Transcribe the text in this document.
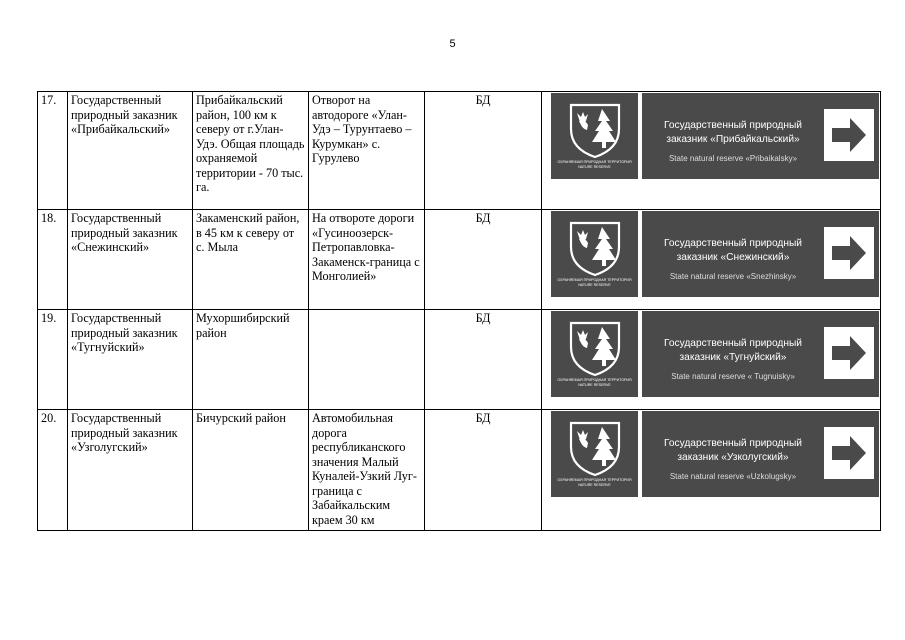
5
17.	Государственный природный заказник «Прибайкальский»	Прибайкальский район, 100 км к северу от г.Улан-Удэ. Общая площадь охраняемой территории - 70 тыс. га.	Отворот на автодороге «Улан-Удэ – Турунтаево – Курумкан» с. Гурулево	БД	ОХРАНЯЕМАЯ ПРИРОДНАЯ ТЕРРИТОРИЯ
NATURE RESERVE
Государственный природный заказник «Прибайкальский»
State natural reserve «Pribaikalsky»

18.	Государственный природный заказник «Снежинский»	Закаменский район, в 45 км к северу от с. Мыла	На отвороте дороги «Гусиноозерск-Петропавловка-Закаменск-граница с Монголией»	БД	ОХРАНЯЕМАЯ ПРИРОДНАЯ ТЕРРИТОРИЯ
NATURE RESERVE
Государственный природный заказник «Снежинский»
State natural reserve «Snezhinsky»

19.	Государственный природный заказник «Тугнуйский»	Мухоршибирский район		БД	ОХРАНЯЕМАЯ ПРИРОДНАЯ ТЕРРИТОРИЯ
NATURE RESERVE
Государственный природный заказник «Тугнуйский»
State natural reserve « Tugnuisky»

20.	Государственный природный заказник «Узголугский»	Бичурский район	Автомобильная дорога республиканского значения Малый Куналей-Узкий Луг-граница с Забайкальским краем 30 км	БД	ОХРАНЯЕМАЯ ПРИРОДНАЯ ТЕРРИТОРИЯ
NATURE RESERVE
Государственный природный заказник «Узколугский»
State natural reserve «Uzkolugsky»
